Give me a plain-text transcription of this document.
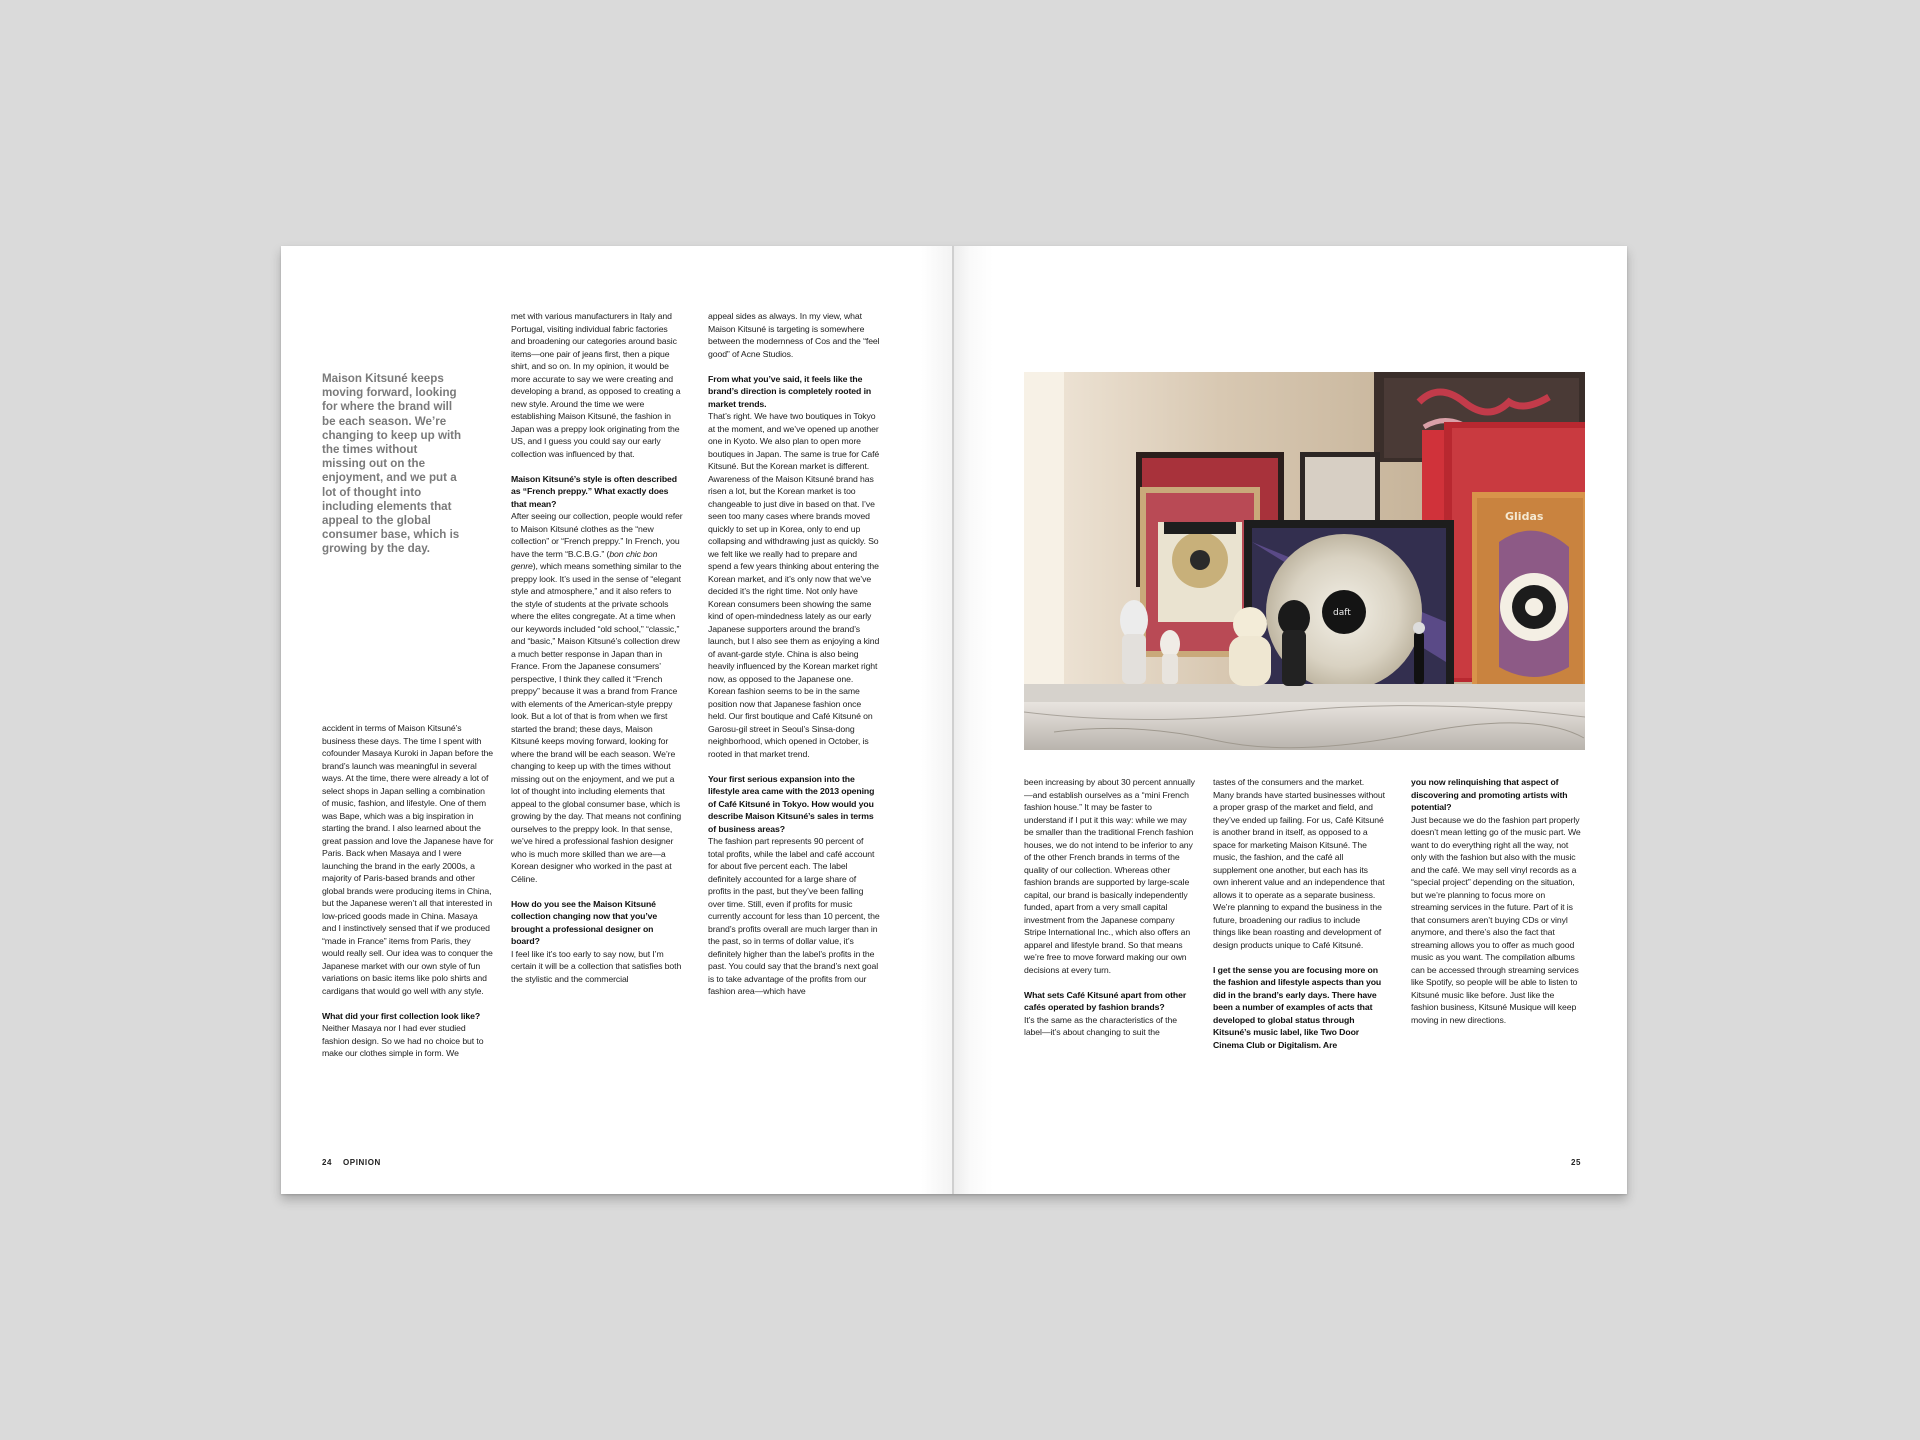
Maison Kitsuné keeps moving forward, looking for where the brand will be each season. We’re changing to keep up with the times without missing out on the enjoyment, and we put a lot of thought into including elements that appeal to the global consumer base, which is growing by the day.

accident in terms of Maison Kitsuné’s business these days. The time I spent with cofounder Masaya Kuroki in Japan before the brand’s launch was meaningful in several ways. At the time, there were already a lot of select shops in Japan selling a combination of music, fashion, and lifestyle. One of them was Bape, which was a big inspiration in starting the brand. I also learned about the great passion and love the Japanese have for Paris. Back when Masaya and I were launching the brand in the early 2000s, a majority of Paris-based brands and other global brands were producing items in China, but the Japanese weren’t all that interested in low-priced goods made in China. Masaya and I instinctively sensed that if we produced “made in France” items from Paris, they would really sell. Our idea was to conquer the Japanese market with our own style of fun variations on basic items like polo shirts and cardigans that would go well with any style.

What did your first collection look like?

Neither Masaya nor I had ever studied fashion design. So we had no choice but to make our clothes simple in form. We

met with various manufacturers in Italy and Portugal, visiting individual fabric factories and broadening our categories around basic items—one pair of jeans first, then a pique shirt, and so on. In my opinion, it would be more accurate to say we were creating and developing a brand, as opposed to creating a new style. Around the time we were establishing Maison Kitsuné, the fashion in Japan was a preppy look originating from the US, and I guess you could say our early collection was influenced by that.

Maison Kitsuné’s style is often described as “French preppy.” What exactly does that mean?

After seeing our collection, people would refer to Maison Kitsuné clothes as the “new collection” or “French preppy.” In French, you have the term “B.C.B.G.” (bon chic bon genre), which means something similar to the preppy look. It’s used in the sense of “elegant style and atmosphere,” and it also refers to the style of students at the private schools where the elites congregate. At a time when our keywords included “old school,” “classic,” and “basic,” Maison Kitsuné’s collection drew a much better response in Japan than in France. From the Japanese consumers’ perspective, I think they called it “French preppy” because it was a brand from France with elements of the American-style preppy look. But a lot of that is from when we first started the brand; these days, Maison Kitsuné keeps moving forward, looking for where the brand will be each season. We’re changing to keep up with the times without missing out on the enjoyment, and we put a lot of thought into including elements that appeal to the global consumer base, which is growing by the day. That means not confining ourselves to the preppy look. In that sense, we’ve hired a professional fashion designer who is much more skilled than we are—a Korean designer who worked in the past at Céline.

How do you see the Maison Kitsuné collection changing now that you’ve brought a professional designer on board?

I feel like it’s too early to say now, but I’m certain it will be a collection that satisfies both the stylistic and the commercial

appeal sides as always. In my view, what Maison Kitsuné is targeting is somewhere between the modernness of Cos and the “feel good” of Acne Studios.

From what you’ve said, it feels like the brand’s direction is completely rooted in market trends.

That’s right. We have two boutiques in Tokyo at the moment, and we’ve opened up another one in Kyoto. We also plan to open more boutiques in Japan. The same is true for Café Kitsuné. But the Korean market is different. Awareness of the Maison Kitsuné brand has risen a lot, but the Korean market is too changeable to just dive in based on that. I’ve seen too many cases where brands moved quickly to set up in Korea, only to end up collapsing and withdrawing just as quickly. So we felt like we really had to prepare and spend a few years thinking about entering the Korean market, and it’s only now that we’ve decided it’s the right time. Not only have Korean consumers been showing the same kind of open-mindedness lately as our early Japanese supporters around the brand’s launch, but I also see them as enjoying a kind of avant-garde style. China is also being heavily influenced by the Korean market right now, as opposed to the Japanese one. Korean fashion seems to be in the same position now that Japanese fashion once held. Our first boutique and Café Kitsuné on Garosu-gil street in Seoul’s Sinsa-dong neighborhood, which opened in October, is rooted in that market trend.

Your first serious expansion into the lifestyle area came with the 2013 opening of Café Kitsuné in Tokyo. How would you describe Maison Kitsuné’s sales in terms of business areas?

The fashion part represents 90 percent of total profits, while the label and café account for about five percent each. The label definitely accounted for a large share of profits in the past, but they’ve been falling over time. Still, even if profits for music currently account for less than 10 percent, the brand’s profits overall are much larger than in the past, so in terms of dollar value, it’s definitely higher than the label’s profits in the past. You could say that the brand’s next goal is to take advantage of the profits from our fashion area—which have

24 OPINION
daft
Glidas

been increasing by about 30 percent annually—and establish ourselves as a “mini French fashion house.” It may be faster to understand if I put it this way: while we may be smaller than the traditional French fashion houses, we do not intend to be inferior to any of the other French brands in terms of the quality of our collection. Whereas other fashion brands are supported by large-scale capital, our brand is basically independently funded, apart from a very small capital investment from the Japanese company Stripe International Inc., which also offers an apparel and lifestyle brand. So that means we’re free to move forward making our own decisions at every turn.

What sets Café Kitsuné apart from other cafés operated by fashion brands?

It’s the same as the characteristics of the label—it’s about changing to suit the

tastes of the consumers and the market. Many brands have started businesses without a proper grasp of the market and field, and they’ve ended up failing. For us, Café Kitsuné is another brand in itself, as opposed to a space for marketing Maison Kitsuné. The music, the fashion, and the café all supplement one another, but each has its own inherent value and an independence that allows it to operate as a separate business. We’re planning to expand the business in the future, broadening our radius to include things like bean roasting and development of design products unique to Café Kitsuné.

I get the sense you are focusing more on the fashion and lifestyle aspects than you did in the brand’s early days. There have been a number of examples of acts that developed to global status through Kitsuné’s music label, like Two Door Cinema Club or Digitalism. Are

you now relinquishing that aspect of discovering and promoting artists with potential?

Just because we do the fashion part properly doesn’t mean letting go of the music part. We want to do everything right all the way, not only with the fashion but also with the music and the café. We may sell vinyl records as a “special project” depending on the situation, but we’re planning to focus more on streaming services in the future. Part of it is that consumers aren’t buying CDs or vinyl anymore, and there’s also the fact that streaming allows you to offer as much good music as you want. The compilation albums can be accessed through streaming services like Spotify, so people will be able to listen to Kitsuné music like before. Just like the fashion business, Kitsuné Musique will keep moving in new directions.

25
